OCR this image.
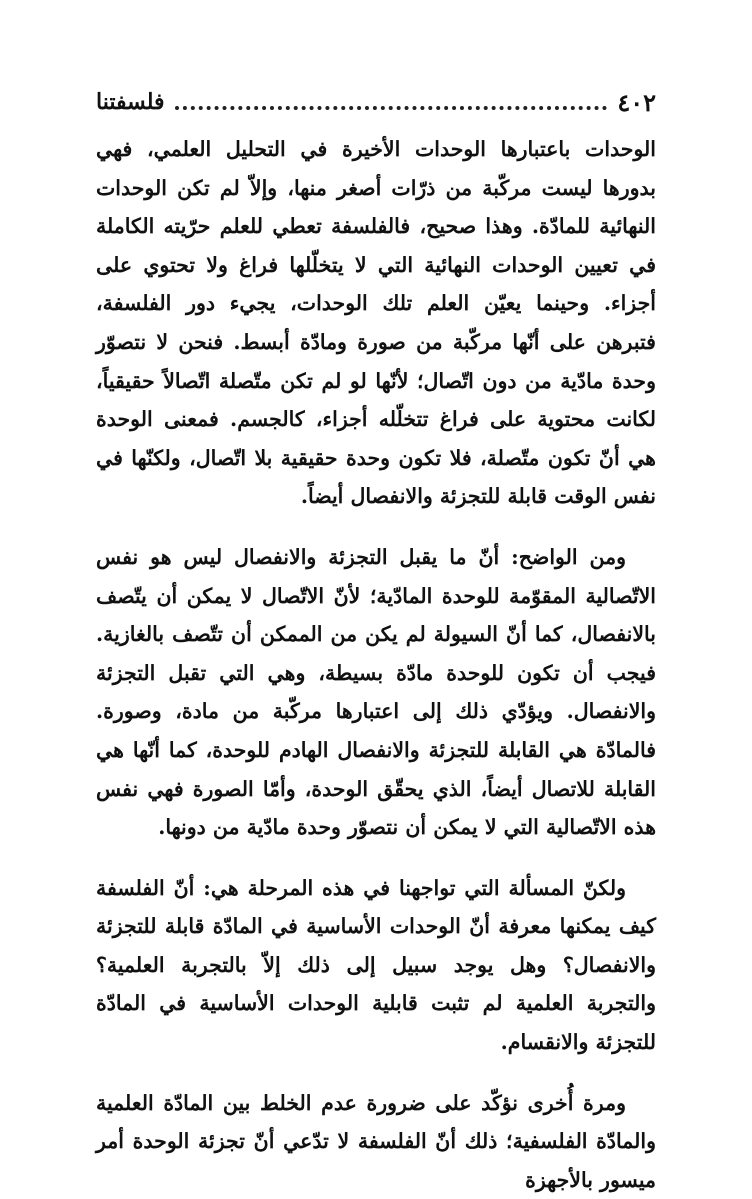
٤٠٢
فلسفتنا

الوحدات باعتبارها الوحدات الأخيرة في التحليل العلمي، فهي بدورها ليست مركّبة من ذرّات أصغر منها، وإلاّ لم تكن الوحدات النهائية للمادّة. وهذا صحيح، فالفلسفة تعطي للعلم حرّيته الكاملة في تعيين الوحدات النهائية التي لا يتخلّلها فراغ ولا تحتوي على أجزاء. وحينما يعيّن العلم تلك الوحدات، يجيء دور الفلسفة، فتبرهن على أنّها مركّبة من صورة ومادّة أبسط. فنحن لا نتصوّر وحدة مادّية من دون اتّصال؛ لأنّها لو لم تكن متّصلة اتّصالاً حقيقياً، لكانت محتوية على فراغ تتخلّله أجزاء، كالجسم. فمعنى الوحدة هي أنّ تكون متّصلة، فلا تكون وحدة حقيقية بلا اتّصال، ولكنّها في نفس الوقت قابلة للتجزئة والانفصال أيضاً.

ومن الواضح: أنّ ما يقبل التجزئة والانفصال ليس هو نفس الاتّصالية المقوّمة للوحدة المادّية؛ لأنّ الاتّصال لا يمكن أن يتّصف بالانفصال، كما أنّ السيولة لم يكن من الممكن أن تتّصف بالغازية. فيجب أن تكون للوحدة مادّة بسيطة، وهي التي تقبل التجزئة والانفصال. ويؤدّي ذلك إلى اعتبارها مركّبة من مادة، وصورة. فالمادّة هي القابلة للتجزئة والانفصال الهادم للوحدة، كما أنّها هي القابلة للاتصال أيضاً، الذي يحقّق الوحدة، وأمّا الصورة فهي نفس هذه الاتّصالية التي لا يمكن أن نتصوّر وحدة مادّية من دونها.

ولكنّ المسألة التي تواجهنا في هذه المرحلة هي: أنّ الفلسفة كيف يمكنها معرفة أنّ الوحدات الأساسية في المادّة قابلة للتجزئة والانفصال؟ وهل يوجد سبيل إلى ذلك إلاّ بالتجربة العلمية؟ والتجربة العلمية لم تثبت قابلية الوحدات الأساسية في المادّة للتجزئة والانقسام.

ومرة أُخرى نؤكّد على ضرورة عدم الخلط بين المادّة العلمية والمادّة الفلسفية؛ ذلك أنّ الفلسفة لا تدّعي أنّ تجزئة الوحدة أمر ميسور بالأجهزة
